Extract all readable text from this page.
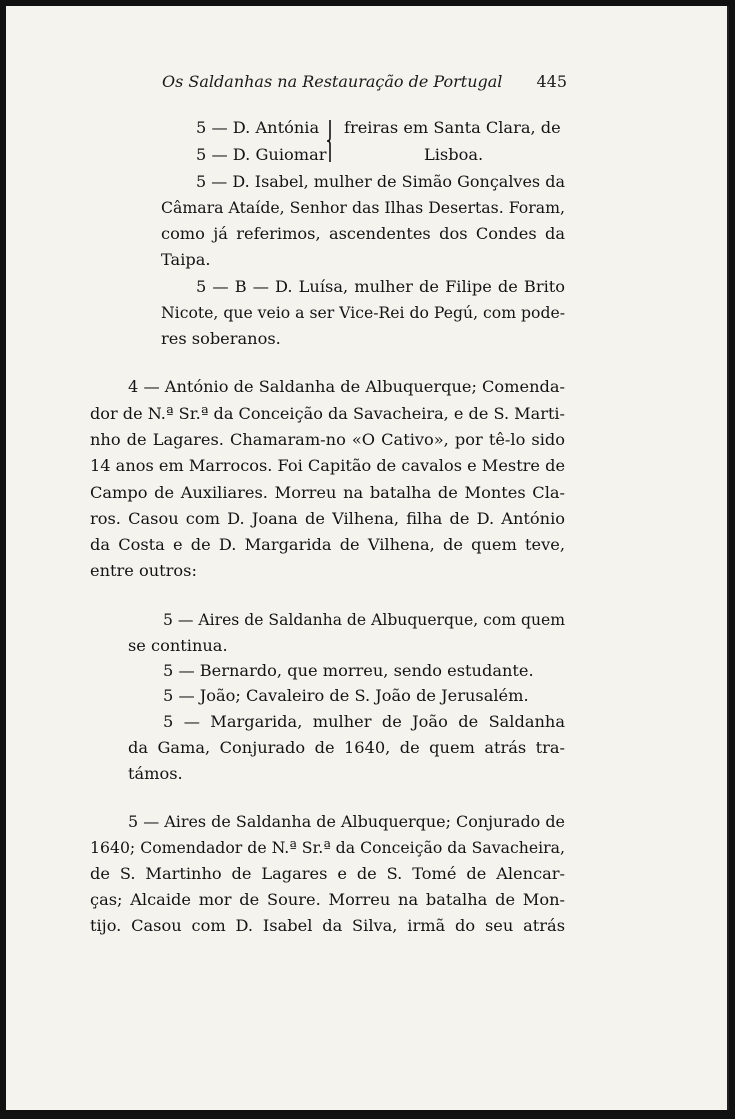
Os Saldanhas na Restauração de Portugal 445
5 — D. Antónia
5 — D. Guiomar
freiras em Santa Clara, de
Lisboa.
5 — D. Isabel, mulher de Simão Gonçalves da
Câmara Ataíde, Senhor das Ilhas Desertas. Foram,
como já referimos, ascendentes dos Condes da
Taipa.
5 — B — D. Luísa, mulher de Filipe de Brito
Nicote, que veio a ser Vice-Rei do Pegú, com pode-
res soberanos.
4 — António de Saldanha de Albuquerque; Comenda-
dor de N.ª Sr.ª da Conceição da Savacheira, e de S. Marti-
nho de Lagares. Chamaram-no «O Cativo», por tê-lo sido
14 anos em Marrocos. Foi Capitão de cavalos e Mestre de
Campo de Auxiliares. Morreu na batalha de Montes Cla-
ros. Casou com D. Joana de Vilhena, filha de D. António
da Costa e de D. Margarida de Vilhena, de quem teve,
entre outros:
5 — Aires de Saldanha de Albuquerque, com quem
se continua.
5 — Bernardo, que morreu, sendo estudante.
5 — João; Cavaleiro de S. João de Jerusalém.
5 — Margarida, mulher de João de Saldanha
da Gama, Conjurado de 1640, de quem atrás tra-
támos.
5 — Aires de Saldanha de Albuquerque; Conjurado de
1640; Comendador de N.ª Sr.ª da Conceição da Savacheira,
de S. Martinho de Lagares e de S. Tomé de Alencar-
ças; Alcaide mor de Soure. Morreu na batalha de Mon-
tijo. Casou com D. Isabel da Silva, irmã do seu atrás
